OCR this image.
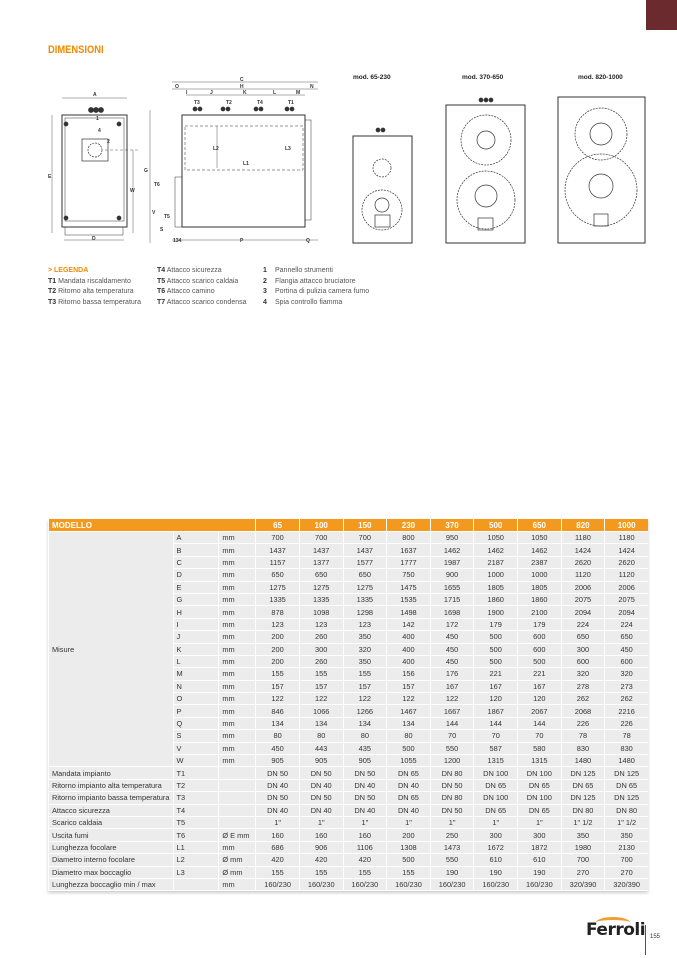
DIMENSIONI
A
D
E
W
4
2
1
C
O	H	N
I	J	K	L	M
T3	T2	T4	T1
L1
L2	L3
G
V
T6
T5
S
P	Q
134
mod. 65-230	mod. 370-650	mod. 820-1000
> LEGENDA
T1 Mandata riscaldamento
T2 Ritorno alta temperatura
T3 Ritorno bassa temperatura
T4 Attacco sicurezza
T5 Attacco scarico caldaia
T6 Attacco camino
T7 Attacco scarico condensa
1 Pannello strumenti
2 Flangia attacco bruciatore
3 Portina di pulizia camera fumo
4 Spia controllo fiamma
MODELLO			65	100	150	230	370	500	650	820	1000
Misure	A	mm	700	700	700	800	950	1050	1050	1180	1180
	B	mm	1437	1437	1437	1637	1462	1462	1462	1424	1424
	C	mm	1157	1377	1577	1777	1987	2187	2387	2620	2620
	D	mm	650	650	650	750	900	1000	1000	1120	1120
	E	mm	1275	1275	1275	1475	1655	1805	1805	2006	2006
	G	mm	1335	1335	1335	1535	1715	1860	1860	2075	2075
	H	mm	878	1098	1298	1498	1698	1900	2100	2094	2094
	I	mm	123	123	123	142	172	179	179	224	224
	J	mm	200	260	350	400	450	500	600	650	650
	K	mm	200	300	320	400	450	500	600	300	450
	L	mm	200	260	350	400	450	500	500	600	600
	M	mm	155	155	155	156	176	221	221	320	320
	N	mm	157	157	157	157	167	167	167	278	273
	O	mm	122	122	122	122	122	120	120	262	262
	P	mm	846	1066	1266	1467	1667	1867	2067	2068	2216
	Q	mm	134	134	134	134	144	144	144	226	226
	S	mm	80	80	80	80	70	70	70	78	78
	V	mm	450	443	435	500	550	587	580	830	830
	W	mm	905	905	905	1055	1200	1315	1315	1480	1480
Mandata impianto	T1		DN 50	DN 50	DN 50	DN 65	DN 80	DN 100	DN 100	DN 125	DN 125
Ritorno impianto alta temperatura	T2		DN 40	DN 40	DN 40	DN 40	DN 50	DN 65	DN 65	DN 65	DN 65
Ritorno impianto bassa temperatura	T3		DN 50	DN 50	DN 50	DN 65	DN 80	DN 100	DN 100	DN 125	DN 125
Attacco sicurezza	T4		DN 40	DN 40	DN 40	DN 40	DN 50	DN 65	DN 65	DN 80	DN 80
Scarico caldaia	T5		1"	1"	1"	1"	1"	1"	1"	1" 1/2	1" 1/2
Uscita fumi	T6	Ø E mm	160	160	160	200	250	300	300	350	350
Lunghezza focolare	L1	mm	686	906	1106	1308	1473	1672	1872	1980	2130
Diametro interno focolare	L2	Ø mm	420	420	420	500	550	610	610	700	700
Diametro max boccaglio	L3	Ø mm	155	155	155	155	190	190	190	270	270
Lunghezza boccaglio min / max		mm	160/230	160/230	160/230	160/230	160/230	160/230	160/230	320/390	320/390
Ferroli 155
